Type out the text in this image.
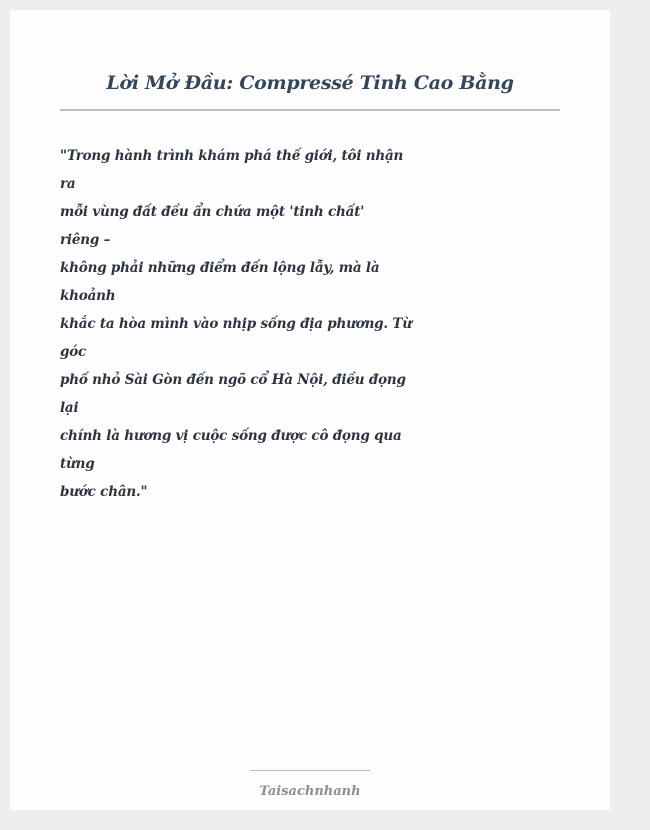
Lời Mở Đầu: Compressé Tinh Cao Bằng
"Trong hành trình khám phá thế giới, tôi nhận
ra
mỗi vùng đất đều ẩn chứa một 'tinh chất'
riêng –
không phải những điểm đến lộng lẫy, mà là
khoảnh
khắc ta hòa mình vào nhịp sống địa phương. Từ
góc
phố nhỏ Sài Gòn đến ngõ cổ Hà Nội, điều đọng
lại
chính là hương vị cuộc sống được cô đọng qua
từng
bước chân."
Taisachnhanh
